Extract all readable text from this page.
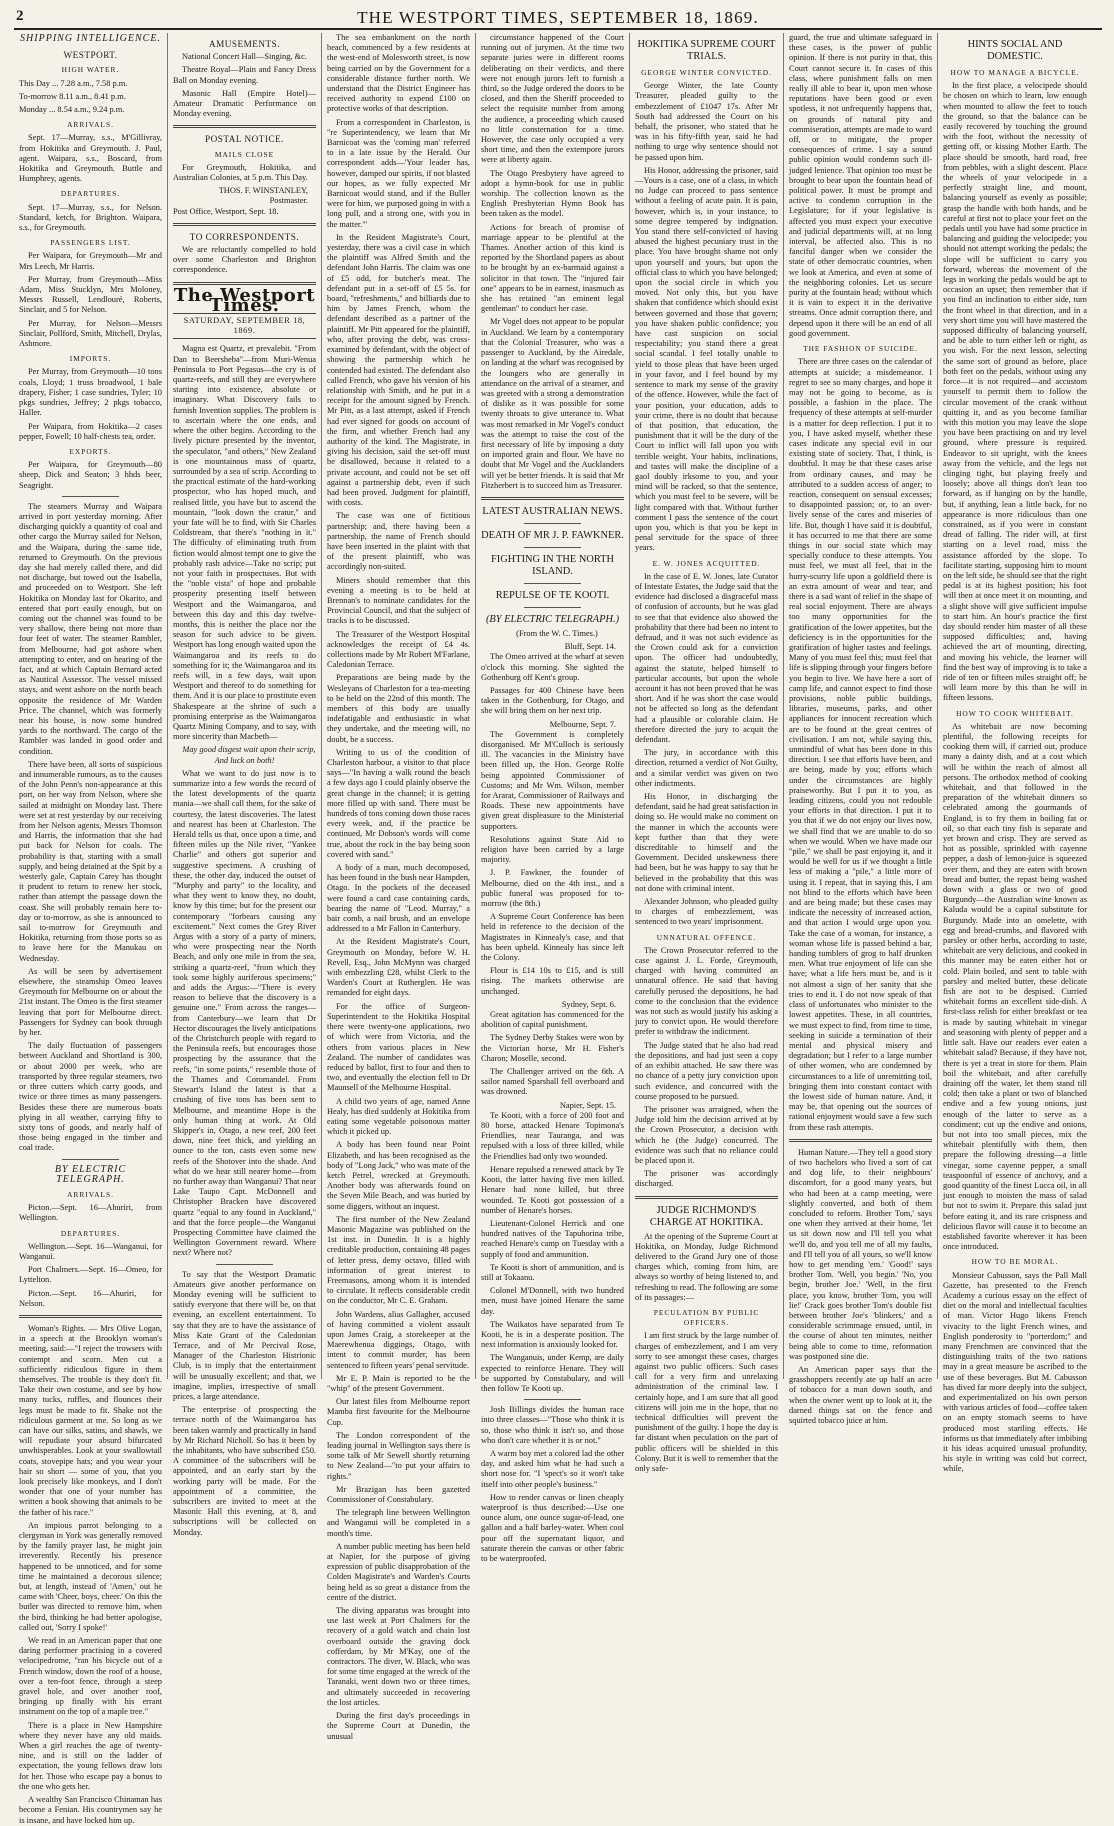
2	THE WESTPORT TIMES, SEPTEMBER 18, 1869.
SHIPPING INTELLIGENCE.
WESTPORT.
HIGH WATER.

This Day ... 7.28 a.m., 7.58 p.m.

To-morrow 8.11 a.m., 8.41 p.m.

Monday ... 8.54 a.m., 9.24 p.m.

ARRIVALS.

Sept. 17—Murray, s.s., M'Gillivray, from Hokitika and Greymouth. J. Paul, agent. Waipara, s.s., Boscard, from Hokitika and Greymouth. Buttle and Humphrey, agents.

DEPARTURES.

Sept. 17—Murray, s.s., for Nelson. Standard, ketch, for Brighton. Waipara, s.s., for Greymouth.

PASSENGERS LIST.

Per Waipara, for Greymouth—Mr and Mrs Leech, Mr Harris.

Per Murray, from Greymouth—Miss Adam, Miss Stucklyn, Mrs Moloney, Messrs Russell, Lendlouré, Roberts, Sinclair, and 5 for Nelson.

Per Murray, for Nelson—Messrs Sinclair, Pollford, Smith, Mitchell, Drylas, Ashmore.

IMPORTS.

Per Murray, from Greymouth—10 tons coals, Lloyd; 1 truss broadwool, 1 bale drapery, Fisher; 1 case sundries, Tyler; 10 pkgs sundries, Jeffrey; 2 pkgs tobacco, Haller.

Per Waipara, from Hokitika—2 cases pepper, Fowell; 10 half-chests tea, order.

EXPORTS.

Per Waipara, for Greymouth—80 sheep, Dick and Seaton; 3 hhds beer, Seagright.

The steamers Murray and Waipara arrived in port yesterday morning. After discharging quickly a quantity of coal and other cargo the Murray sailed for Nelson, and the Waipara, during the same tide, returned to Greymouth. On the previous day she had merely called there, and did not discharge, but towed out the Isabella, and proceeded on to Westport. She left Hokitika on Monday last for Okarito, and entered that port easily enough, but on coming out the channel was found to be very shallow, there being not more than four feet of water. The steamer Rambler, from Melbourne, had got ashore when attempting to enter, and on hearing of the fact, and at which Captain Bernard acted as Nautical Assessor. The vessel missed stays, and went ashore on the north beach opposite the residence of Mr Warden Price. The channel, which was formerly near his house, is now some hundred yards to the northward. The cargo of the Rambler was landed in good order and condition.

There have been, all sorts of suspicious and innumerable rumours, as to the causes of the John Penn's non-appearance at this port, on her way from Nelson, where she sailed at midnight on Monday last. There were set at rest yesterday by our receiving from her Nelson agents, Messrs Thomson and Harris, the information that she had put back for Nelson for coals. The probability is that, starting with a small supply, and being detained at the Spit by a westerly gale, Captain Carey has thought it prudent to return to renew her stock, rather than attempt the passage down the coast. She will probably remain here to-day or to-morrow, as she is announced to sail to-morrow for Greymouth and Hokitika, returning from those ports so as to leave here for the Manukau on Wednesday.

As will be seen by advertisement elsewhere, the steamship Omeo leaves Greymouth for Melbourne on or about the 21st instant. The Omeo is the first steamer leaving that port for Melbourne direct. Passengers for Sydney can book through by her.

The daily fluctuation of passengers between Auckland and Shortland is 300, or about 2000 per week, who are transported by three regular steamers, two or three cutters which carry goods, and twice or three times as many passengers. Besides these there are numerous boats plying in all weather, carrying fifty to sixty tons of goods, and nearly half of those being engaged in the timber and coal trade.

BY ELECTRIC TELEGRAPH.
ARRIVALS.

Picton.—Sept. 16—Ahuriri, from Wellington.

DEPARTURES.

Wellington.—Sept. 16—Wanganui, for Wanganui.

Port Chalmers.—Sept. 16—Omeo, for Lyttelton.

Picton.—Sept. 16—Ahuriri, for Nelson.

Woman's Rights. — Mrs Olive Logan, in a speech at the Brooklyn woman's meeting, said:—"I reject the trowsers with contempt and scorn. Men cut a sufficiently ridiculous figure in them themselves. The trouble is they don't fit. Take their own costume, and see by how many tucks, ruffles, and flounces their legs must be made to fit. Shake not the ridiculous garment at me. So long as we can have our silks, satins, and shawls, we will repudiate your absurd bifurcated unwhisperables. Look at your swallowtail coats, stovepipe hats; and you wear your hair so short — some of you, that you look precisely like monkeys, and I don't wonder that one of your number has written a book showing that animals to be the father of his race."

An impious parrot belonging to a clergyman in York was generally removed by the family prayer last, he might join irreverently. Recently his presence happened to be unnoticed, and for some time he maintained a decorous silence; but, at length, instead of 'Amen,' out he came with 'Cheer, boys, cheer.' On this the butler was directed to remove him, when the bird, thinking he had better apologise, called out, 'Sorry I spoke!'

We read in an American paper that one daring performer practising in a covered velocipedrome, "ran his bicycle out of a French window, down the roof of a house, over a ten-foot fence, through a steep gravel hole, and over another roof, bringing up finally with his errant instrument on the top of a maple tree."

There is a place in New Hampshire where they never have any old maids. When a girl reaches the age of twenty-nine, and is still on the ladder of expectation, the young fellows draw lots for her. Those who escape pay a bonus to the one who gets her.

A wealthy San Francisco Chinaman has become a Fenian. His countrymen say he is insane, and have locked him up.

AMUSEMENTS.

National Concert Hall—Singing, &c.

Theatre Royal—Plain and Fancy Dress Ball on Monday evening.

Masonic Hall (Empire Hotel)—Amateur Dramatic Performance on Monday evening.

POSTAL NOTICE.
MAILS CLOSE

For Greymouth, Hokitika, and Australian Colonies, at 5 p.m. This Day.

THOS. F. WINSTANLEY,
Postmaster.

Post Office, Westport, Sept. 18.

TO CORRESPONDENTS.

We are reluctantly compelled to hold over some Charleston and Brighton correspondence.

The Westport Times.
SATURDAY, SEPTEMBER 18, 1869.

Magna est Quartz, et prevalebit. "From Dan to Beersheba"—from Muri-Wenua Peninsula to Port Pegasus—the cry is of quartz-reefs, and still they are everywhere starting into existence, absolute or imaginary. What Discovery fails to furnish Invention supplies. The problem is to ascertain where the one ends, and where the other begins. According to the lively picture presented by the inventor, the speculator, "and others," New Zealand is one mountainous mass of quartz, surrounded by a sea of scrip. According to the practical estimate of the hard-working prospector, who has hoped much, and realised little, you have but to ascend the mountain, "look down the cratur," and your fate will be to find, with Sir Charles Coldstream, that there's "nothing in it." The difficulty of eliminating truth from fiction would almost tempt one to give the probably rash advice—Take no scrip; put not your faith in prospectuses. But with the "noble vista" of hope and probable prosperity presenting itself between Westport and the Waimangaroa, and between this day and this day twelve-months, this is neither the place nor the season for such advice to be given. Westport has long enough waited upon the Waimangaroa and its reefs to do something for it; the Waimangaroa and its reefs will, in a few days, wait upon Westport and thereof to do something for them. And it is our place to prostitute even Shakespeare at the shrine of such a promising enterprise as the Waimangaroa Quartz Mining Company, and to say, with more sincerity than Macbeth—

May good disgest wait upon their scrip, And luck on both!

What we want to do just now is to summarize into a few words the record of the latest developments of the quartz mania—we shall call them, for the sake of courtesy, the latest discoveries. The latest and nearest has been at Charleston. The Herald tells us that, once upon a time, and fifteen miles up the Nile river, "Yankee Charlie" and others got superior and suggestive specimens. A crushing of these, the other day, induced the outset of "Murphy and party" to the locality, and what they went to know they, no doubt, know by this time; but for the present our contemporary "forbears causing any excitement." Next comes the Grey River Argus with a story of a party of miners, who were prospecting near the North Beach, and only one mile in from the sea, striking a quartz-reef, "from which they took some highly auriferous specimens;" and adds the Argus:—"There is every reason to believe that the discovery is a genuine one." From across the ranges—from Canterbury—we learn that Dr Hector discourages the lively anticipations of the Christchurch people with regard to the Peninsula reefs, but encourages those prospecting by the assurance that the reefs, "in some points," resemble those of the Thames and Coromandel. From Stewart's Island the latest is that a crushing of five tons has been sent to Melbourne, and meantime Hope is the only human thing at work. At Old Skipper's in, Otago, a new reef, 200 feet down, nine feet thick, and yielding an ounce to the ton, casts even some new reefs of the Shotover into the shade. And what do we hear still nearer home—from no further away than Wanganui? That near Lake Taupo Capt. McDonnell and Christopher Bracken have discovered quartz "equal to any found in Auckland," and that the force people—the Wanganui Prospecting Committee have claimed the Wellington Government reward. Where next? Where not?

To say that the Westport Dramatic Amateurs give another performance on Monday evening will be sufficient to satisfy everyone that there will be, on that evening, an excellent entertainment. To say that they are to have the assistance of Miss Kate Grant of the Caledonian Terrace, and of Mr Percival Rose, Manager of the Charleston Histrionic Club, is to imply that the entertainment will be unusually excellent; and that, we imagine, implies, irrespective of small prices, a large attendance.

The enterprise of prospecting the terrace north of the Waimangaroa has been taken warmly and practically in hand by Mr Richard Nicholl. So has it been by the inhabitants, who have subscribed £50. A committee of the subscribers will be appointed, and an early start by the working party will be made. For the appointment of a committee, the subscribers are invited to meet at the Masonic Hall this evening, at 8, and subscriptions will be collected on Monday.

The sea embankment on the north beach, commenced by a few residents at the west-end of Molesworth street, is now being carried on by the Government for a considerable distance further north. We understand that the District Engineer has received authority to expend £100 on protective works of that description.

From a correspondent in Charleston, is "re Superintendency, we learn that Mr Barnicoat was the 'coming man' referred to in a late issue by the Herald. Our correspondent adds—'Your leader has, however, damped our spirits, if not blasted our hopes, as we fully expected Mr Barnicoat would stand, and if the Buller were for him, we purposed going in with a long pull, and a strong one, with you in the matter.'"

In the Resident Magistrate's Court, yesterday, there was a civil case in which the plaintiff was Alfred Smith and the defendant John Harris. The claim was one of £5 odd, for butcher's meat. The defendant put in a set-off of £5 5s. for board, "refreshments," and billiards due to him by James French, whom the defendant described as a partner of the plaintiff. Mr Pitt appeared for the plaintiff, who, after proving the debt, was cross-examined by defendant, with the object of showing the partnership which he contended had existed. The defendant also called French, who gave his version of his relationship with Smith, and he put in a receipt for the amount signed by French. Mr Pitt, as a last attempt, asked if French had ever signed for goods on account of the firm, and whether French had any authority of the kind. The Magistrate, in giving his decision, said the set-off must be disallowed, because it related to a private account, and could not be set off against a partnership debt, even if such had been proved. Judgment for plaintiff, with costs.

The case was one of fictitious partnership; and, there having been a partnership, the name of French should have been inserted in the plaint with that of the present plaintiff, who was accordingly non-suited.

Miners should remember that this evening a meeting is to be held at Brennan's to nominate candidates for the Provincial Council, and that the subject of tracks is to be discussed.

The Treasurer of the Westport Hospital acknowledges the receipt of £4 4s. collections made by Mr Robert M'Farlane, Caledonian Terrace.

Preparations are being made by the Wesleyans of Charleston for a tea-meeting to be held on the 22nd of this month. The members of this body are usually indefatigable and enthusiastic in what they undertake, and the meeting will, no doubt, be a success.

Writing to us of the condition of Charleston harbour, a visitor to that place says—"In having a walk round the beach a few days ago I could plainly observe the great change in the channel; it is getting more filled up with sand. There must be hundreds of tons coming down those races every week, and, if the practice be continued, Mr Dobson's words will come true, about the rock in the bay being soon covered with sand."

A body of a man, much decomposed, has been found in the bush near Hampden, Otago. In the pockets of the deceased were found a card case containing cards, bearing the name of "Leod. Murray," a bair comb, a nail brush, and an envelope addressed to a Mr Fallon in Canterbury.

At the Resident Magistrate's Court, Greymouth on Monday, before W. H. Revell, Esq., John McMynn was charged with embezzling £28, whilst Clerk to the Warden's Court at Rutherglen. He was remanded for eight days.

For the office of Surgeon-Superintendent to the Hokitika Hospital there were twenty-one applications, two of which were from Victoria, and the others from various places in New Zealand. The number of candidates was reduced by ballot, first to four and then to two, and eventually the election fell to Dr Maunsell of the Melbourne Hospital.

A child two years of age, named Anne Healy, has died suddenly at Hokitika from eating some vegetable poisonous matter which it picked up.

A body has been found near Point Elizabeth, and has been recognised as the body of "Long Jack," who was mate of the ketch Petrel, wrecked at Greymouth. Another body was afterwards found on the Seven Mile Beach, and was buried by some diggers, without an inquest.

The first number of the New Zealand Masonic Magazine was published on the 1st inst. in Dunedin. It is a highly creditable production, containing 48 pages of letter press, demy octavo, filled with information of great interest to Freemasons, among whom it is intended to circulate. It reflects considerable credit on the conductor, Mr C. E. Graham.

John Wardens, alias Gallagher, accused of having committed a violent assault upon James Craig, a storekeeper at the Maerewhenua diggings, Otago, with intent to commit murder, has been sentenced to fifteen years' penal servitude.

Mr E. P. Main is reported to be the "whip" of the present Government.

Our latest files from Melbourne report Mamba first favourite for the Melbourne Cup.

The London correspondent of the leading journal in Wellington says there is some talk of Mr Sewell shortly returning to New Zealand—"to put your affairs to rights."

Mr Brazigan has been gazetted Commissioner of Constabulary.

The telegraph line between Wellington and Wanganui will be completed in a month's time.

A number public meeting has been held at Napier, for the purpose of giving expression of public disapprobation of the Colden Magistrate's and Warden's Courts being held as so great a distance from the centre of the district.

The diving apparatus was brought into use last week at Port Chalmers for the recovery of a gold watch and chain lost overboard outside the graving dock cofferdam, by Mr M'Kay, one of the contractors. The diver, W. Black, who was for some time engaged at the wreck of the Taranaki, went down two or three times, and ultimately succeeded in recovering the lost articles.

During the first day's proceedings in the Supreme Court at Dunedin, the unusual

circumstance happened of the Court running out of jurymen. At the time two separate juries were in different rooms deliberating on their verdicts, and there were not enough jurors left to furnish a third, so the Judge ordered the doors to be closed, and then the Sheriff proceeded to select the requisite number from among the audience, a proceeding which caused no little consternation for a time. However, the case only occupied a very short time, and then the extempore jurors were at liberty again.

The Otago Presbytery have agreed to adopt a hymn-book for use in public worship. The collection known as the English Presbyterian Hymn Book has been taken as the model.

Actions for breach of promise of marriage appear to be plentiful at the Thames. Another action of this kind is reported by the Shortland papers as about to be brought by an ex-barmaid against a solicitor in that town. The "injured fair one" appears to be in earnest, inasmuch as she has retained "an eminent legal gentleman" to conduct her case.

Mr Vogel does not appear to be popular in Auckland. We learn by a contemporary that the Colonial Treasurer, who was a passenger to Auckland, by the Airedale, on landing at the wharf was recognised by the loungers who are generally in attendance on the arrival of a steamer, and was greeted with a strong a demonstration of dislike as it was possible for some twenty throats to give utterance to. What was most remarked in Mr Vogel's conduct was the attempt to raise the cost of the first necessary of life by imposing a duty on imported grain and flour. We have no doubt that Mr Vogel and the Aucklanders will yet be better friends. It is said that Mr Fitzherbert is to succeed him as Treasurer.

LATEST AUSTRALIAN NEWS.
DEATH OF MR J. P. FAWKNER.
FIGHTING IN THE NORTH ISLAND.
REPULSE OF TE KOOTI.
(BY ELECTRIC TELEGRAPH.)

(From the W. C. Times.)

Bluff, Sept. 14.

The Omeo arrived at the wharf at seven o'clock this morning. She sighted the Gothenburg off Kent's group.

Passages for 400 Chinese have been taken in the Gothenburg, for Otago, and she will bring them on her next trip.

Melbourne, Sept. 7.

The Government is completely disorganised. Mr M'Culloch is seriously ill. The vacancies in the Ministry have been filled up, the Hon. George Rolfe being appointed Commissioner of Customs; and Mr Wm. Wilson, member for Ararat, Commissioner of Railways and Roads. These new appointments have given great displeasure to the Ministerial supporters.

Resolutions against State Aid to religion have been carried by a large majority.

J. P. Fawkner, the founder of Melbourne, died on the 4th inst., and a public funeral was proposed for to-morrow (the 8th.)

A Supreme Court Conference has been held in reference to the decision of the Magistrates in Kinnealy's case, and that has been upheld. Kinnealy has since left the Colony.

Flour is £14 10s to £15, and is still rising. The markets otherwise are unchanged.

Sydney, Sept. 6.

Great agitation has commenced for the abolition of capital punishment.

The Sydney Derby Stakes were won by the Victorian horse, Mr H. Fisher's Charon; Moselle, second.

The Challenger arrived on the 6th. A sailor named Sparshall fell overboard and was drowned.

Napier, Sept. 15.

Te Kooti, with a force of 200 foot and 80 horse, attacked Henare Topimona's Friendlies, near Tauranga, and was repulsed with a loss of three killed, while the Friendlies had only two wounded.

Henare repulsed a renewed attack by Te Kooti, the latter having five men killed. Henare had none killed, but three wounded. Te Kooti got possession of a number of Henare's horses.

Lieutenant-Colonel Herrick and one hundred natives of the Tapuhorina tribe, reached Henare's camp on Tuesday with a supply of food and ammunition.

Te Kooti is short of ammunition, and is still at Tokaanu.

Colonel M'Donnell, with two hundred men, must have joined Henare the same day.

The Waikatos have separated from Te Kooti, he is in a desperate position. The next information is anxiously looked for.

The Wanganuis, under Kemp, are daily expected to reinforce Henare. They will be supported by Constabulary, and will then follow Te Kooti up.

Josh Billings divides the human race into three classes—"Those who think it is so, those who think it isn't so, and those who don't care whether it is or not."

A warm boy met a colored lad the other day, and asked him what he had such a short nose for. "I 'spect's so it won't take itself into other people's business."

How to render canvas or linen cheaply waterproof is thus described:—Use one ounce alum, one ounce sugar-of-lead, one gallon and a half barley-water. When cool pour off the supernatant liquor, and saturate therein the canvas or other fabric to be waterproofed.

HOKITIKA SUPREME COURT TRIALS.
GEORGE WINTER CONVICTED.

George Winter, the late County Treasurer, pleaded guilty to the embezzlement of £1047 17s. After Mr South had addressed the Court on his behalf, the prisoner, who stated that he was in his fifty-fifth year, said he had nothing to urge why sentence should not be passed upon him.

His Honor, addressing the prisoner, said—Yours is a case, one of a class, in which no Judge can proceed to pass sentence without a feeling of acute pain. It is pain, however, which is, in your instance, to some degree tempered by indignation. You stand there self-convicted of having abused the highest pecuniary trust in the place. You have brought shame not only upon yourself and yours, but upon the official class to which you have belonged; upon the social circle in which you moved. Not only this, but you have shaken that confidence which should exist between governed and those that govern; you have shaken public confidence; you have cast suspicion on social respectability; you stand there a great social scandal. I feel totally unable to yield to those pleas that have been urged in your favor, and I feel bound by my sentence to mark my sense of the gravity of the offence. However, while the fact of your position, your education, adds to your crime, there is no doubt that because of that position, that education, the punishment that it will be the duty of the Court to inflict will fall upon you with terrible weight. Your habits, inclinations, and tastes will make the discipline of a gaol doubly irksome to you, and your mind will be racked, so that the sentence, which you must feel to be severe, will be light compared with that. Without further comment I pass the sentence of the court upon you, which is that you be kept in penal servitude for the space of three years.

E. W. JONES ACQUITTED.

In the case of E. W. Jones, late Curator of Intestate Estates, the Judge said that the evidence had disclosed a disgraceful mass of confusion of accounts, but he was glad to see that that evidence also showed the probability that there had been no intent to defraud, and it was not such evidence as the Crown could ask for a conviction upon. The officer had undoubtedly, against the statute, helped himself to particular accounts, but upon the whole account it has not been proved that he was short. And if he was short the case would not be affected so long as the defendant had a plausible or colorable claim. He therefore directed the jury to acquit the defendant.

The jury, in accordance with this direction, returned a verdict of Not Guilty, and a similar verdict was given on two other indictments.

His Honor, in discharging the defendant, said he had great satisfaction in doing so. He would make no comment on the manner in which the accounts were kept further than that they were discreditable to himself and the Government. Decided unskewness there had been, but he was happy to say that he believed in the probability that this was not done with criminal intent.

Alexander Johnson, who pleaded guilty to charges of embezzlement, was sentenced to two years' imprisonment.

UNNATURAL OFFENCE.

The Crown Prosecutor referred to the case against J. L. Forde, Greymouth, charged with having committed an unnatural offence. He said that having carefully perused the depositions, he had come to the conclusion that the evidence was not such as would justify his asking a jury to convict upon. He would therefore prefer to withdraw the indictment.

The Judge stated that he also had read the depositions, and had just seen a copy of an exhibit attached. He saw there was no chance of a petty jury conviction upon such evidence, and concurred with the course proposed to be pursued.

The prisoner was arraigned, when the Judge told him the decision arrived at by the Crown Prosecutor, a decision with which he (the Judge) concurred. The evidence was such that no reliance could be placed upon it.

The prisoner was accordingly discharged.

JUDGE RICHMOND'S CHARGE AT HOKITIKA.

At the opening of the Supreme Court at Hokitika, on Monday, Judge Richmond delivered to the Grand Jury one of those charges which, coming from him, are always so worthy of being listened to, and refreshing to read. The following are some of its passages:—

PECULATION BY PUBLIC OFFICERS.

I am first struck by the large number of charges of embezzlement, and I am very sorry to see amongst these cases, charges against two public officers. Such cases call for a very firm and unrelaxing administration of the criminal law. I certainly hope, and I am sure that all good citizens will join me in the hope, that no technical difficulties will prevent the punishment of the guilty. I hope the day is far distant when peculation on the part of public officers will be shielded in this Colony. But it is well to remember that the only safe-

guard, the true and ultimate safeguard in these cases, is the power of public opinion. If there is not purity in that, this Court cannot secure it. In cases of this class, where punishment falls on men really ill able to bear it, upon men whose reputations have been good or even spotless, it not unfrequently happens that, on grounds of natural pity and commiseration, attempts are made to ward off, or to mitigate, the proper consequences of crime. I say a sound public opinion would condemn such ill-judged lenience. That opinion too must be brought to bear upon the fountain head of political power. It must be prompt and active to condemn corruption in the Legislature; for if your legislative is affected you must expect your executive and judicial departments will, at no long interval, be affected also. This is no fanciful danger when we consider the state of other democratic countries, when we look at America, and even at some of the neighboring colonies. Let us secure purity at the fountain head; without which it is vain to expect it in the derivative streams. Once admit corruption there, and depend upon it there will be an end of all good government.

THE FASHION OF SUICIDE.

There are three cases on the calendar of attempts at suicide; a misdemeanor. I regret to see so many charges, and hope it may not be going to become, as is possible, a fashion in the place. The frequency of these attempts at self-murder is a matter for deep reflection. I put it to you, I have asked myself, whether these cases indicate any special evil in our existing state of society. That, I think, is doubtful. It may be that these cases arise from ordinary causes, and may be attributed to a sudden access of anger; to reaction, consequent on sensual excesses; to disappointed passion; or, to an over-lively sense of the cares and miseries of life. But, though I have said it is doubtful, it has occurred to me that there are some things in our social state which may specially conduce to these attempts. You must feel, we must all feel, that in the hurry-scurry life upon a goldfield there is an extra amount of wear and tear, and there is a sad want of relief in the shape of real social enjoyment. There are always too many opportunities for the gratification of the lower appetites, but the deficiency is in the opportunities for the gratification of higher tastes and feelings. Many of you must feel this; must feel that life is slipping through your fingers before you begin to live. We have here a sort of camp life, and cannot expect to find those provisions, noble public buildings, libraries, museums, parks, and other appliances for innocent recreation which are to be found at the great centres of civilisation. I am not, while saying this, unmindful of what has been done in this direction. I see that efforts have been, and are being, made by you; efforts which under the circumstances are highly praiseworthy. But I put it to you, as leading citizens, could you not redouble your efforts in that direction. I put it to you that if we do not enjoy our lives now, we shall find that we are unable to do so when we would. When we have made our "pile," we shall be past enjoying it, and it would be well for us if we thought a little less of making a "pile," a little more of using it. I repeat, that in saying this, I am not blind to the efforts which have been and are being made; but these cases may indicate the necessity of increased action, and that action I would urge upon you. Take the case of a woman, for instance, a woman whose life is passed behind a bar, handing tumblers of grog to half drunken men. What true enjoyment of life can she have; what a life hers must be, and is it not almost a sign of her sanity that she tries to end it. I do not now speak of that class of unfortunates who minister to the lowest appetites. These, in all countries, we must expect to find, from time to time, seeking in suicide a termination of their mental and physical misery and degradation; but I refer to a large number of other women, who are condemned by circumstances to a life of unremitting toil, bringing them into constant contact with the lowest side of human nature. And, it may be, that opening out the sources of rational enjoyment would save a few such from these rash attempts.

Human Nature.—They tell a good story of two bachelors who lived a sort of cat and dog life, to their neighbours' discomfort, for a good many years, but who had been at a camp meeting, were slightly converted, and both of them concluded to reform. Brother Tom,' says one when they arrived at their home, 'let us sit down now and I'll tell you what we'll do, and you tell me of all my faults, and I'll tell you of all yours, so we'll know how to get mending 'em.' 'Good!' says brother Tom. 'Well, you begin.' 'No, you begin, brother Joe.' 'Well, in the first place, you know, brother Tom, you will lie!' Crack goes brother Tom's double fist between brother Joe's 'blinkers,' and a considerable scrimmage ensued, until, in the course of about ten minutes, neither being able to come to time, reformation was postponed sine die.

An American paper says that the grasshoppers recently ate up half an acre of tobacco for a man down south, and when the owner went up to look at it, the darned things sat on the fence and squirted tobacco juice at him.

HINTS SOCIAL AND DOMESTIC.
HOW TO MANAGE A BICYCLE.

In the first place, a velocipede should be chosen on which to learn, low enough when mounted to allow the feet to touch the ground, so that the balance can be easily recovered by touching the ground with the foot, without the necessity of getting off, or kissing Mother Earth. The place should be smooth, hard road, free from pebbles, with a slight descent. Place the wheels of your velocipede in a perfectly straight line, and mount, balancing yourself as evenly as possible; grasp the handle with both hands, and be careful at first not to place your feet on the pedals until you have had some practice in balancing and guiding the velocipede; you should not attempt working the pedals; the slope will be sufficient to carry you forward, whereas the movement of the legs in working the pedals would be apt to occasion an upset; then remember that if you find an inclination to either side, turn the front wheel in that direction, and in a very short time you will have mastered the supposed difficulty of balancing yourself, and be able to turn either left or right, as you wish. For the next lesson, selecting the same sort of ground as before, place both feet on the pedals, without using any force—it is not required—and accustom yourself to permit them to follow the circular movement of the crank without quitting it, and as you become familiar with this motion you may leave the slope you have been practising on and try level ground, where pressure is required. Endeavor to sit upright, with the knees away from the vehicle, and the legs not clinging tight, but playing freely and loosely; above all things don't lean too forward, as if hanging on by the handle, but, if anything, lean a little back, for no appearance is more ridiculous than one constrained, as if you were in constant dread of falling. The rider will, at first starting on a level road, miss the assistance afforded by the slope. To facilitate starting, supposing him to mount on the left side, he should see that the right pedal is at its highest position; his foot will then at once meet it on mounting, and a slight shove will give sufficient impulse to start him. An hour's practice the first day should render him master of all these supposed difficulties; and, having achieved the art of mounting, directing, and moving his vehicle, the learner will find the best way of improving is to take a ride of ten or fifteen miles straight off; he will learn more by this than he will in fifteen lessons.

HOW TO COOK WHITEBAIT.

As whitebait are now becoming plentiful, the following receipts for cooking them will, if carried out, produce many a dainty dish, and at a cost which will be within the reach of almost all persons. The orthodox method of cooking whitebait, and that followed in the preparation of the whitebait dinners so celebrated among the gourmands of England, is to fry them in boiling fat or oil, so that each tiny fish is separate and yet brown and crisp. They are served as hot as possible, sprinkled with cayenne pepper, a dash of lemon-juice is squeezed over them, and they are eaten with brown bread and butter, the repast being washed down with a glass or two of good Burgundy—the Australian wine known as Kaluda would be a capital substitute for Burgundy. Made into an omelette, with egg and bread-crumbs, and flavored with parsley or other herbs, according to taste, whitebait are very delicious, and cooked in this manner may be eaten either hot or cold. Plain boiled, and sent to table with parsley and melted butter, these delicate fish are not to be despised. Curried whitebait forms an excellent side-dish. A first-class relish for either breakfast or tea is made by sauting whitebait in vinegar and seasoning with plenty of pepper and a little salt. Have our readers ever eaten a whitebait salad? Because, if they have not, there is yet a treat in store for them. Plain boil the whitebait, and after carefully draining off the water, let them stand till cold; then take a plant or two of blanched endive and a few young onions, just enough of the latter to serve as a condiment; cut up the endive and onions, but not into too small pieces, mix the whitebait plentifully with them, then prepare the following dressing—a little vinegar, some cayenne pepper, a small teaspoonful of essence of anchovy, and a good quantity of the finest Lucca oil, in all just enough to moisten the mass of salad but not to swim it. Prepare this salad just before eating it, and its rare crispness and delicious flavor will cause it to become an established favorite wherever it has been once introduced.

HOW TO BE MORAL.

Monsieur Cabusson, says the Pall Mall Gazette, has presented to the French Academy a curious essay on the effect of diet on the moral and intellectual faculties of man. Victor Hugo likens French vivacity to the light French wines, and English ponderosity to "porterdom;" and many Frenchmen are convinced that the distinguishing traits of the two nations may in a great measure be ascribed to the use of these beverages. But M. Cabusson has dived far more deeply into the subject, and experimentalized on his own person with various articles of food—coffee taken on an empty stomach seems to have produced most startling effects. He informs us that immediately after imbibing it his ideas acquired unusual profundity, his style in writing was cold but correct, while,
